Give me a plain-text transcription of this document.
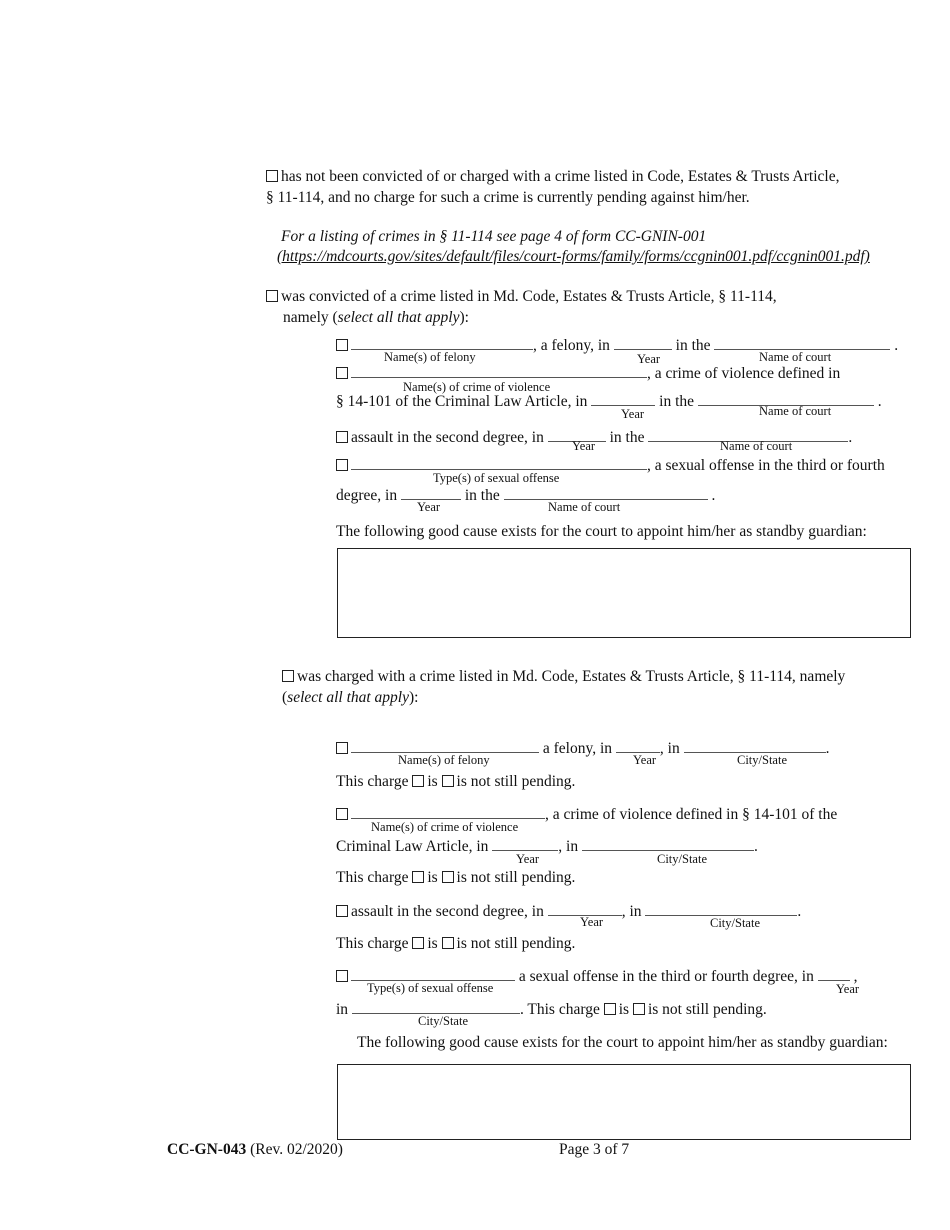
has not been convicted of or charged with a crime listed in Code, Estates & Trusts Article,
§ 11-114, and no charge for such a crime is currently pending against him/her.
For a listing of crimes in § 11-114 see page 4 of form CC-GNIN-001
(https://mdcourts.gov/sites/default/files/court-forms/family/forms/ccgnin001.pdf/ccgnin001.pdf)
was convicted of a crime listed in Md. Code, Estates & Trusts Article, § 11-114,
namely (select all that apply):
, a felony, in	in the	.
Name(s) of felony	Year	Name of court
, a crime of violence defined in
Name(s) of crime of violence
§ 14-101 of the Criminal Law Article, in	in the	.
Year	Name of court
assault in the second degree, in	in the	.
Year	Name of court
, a sexual offense in the third or fourth
Type(s) of sexual offense
degree, in	in the	.
Year	Name of court
The following good cause exists for the court to appoint him/her as standby guardian:
was charged with a crime listed in Md. Code, Estates & Trusts Article, § 11-114, namely
(select all that apply):
a felony, in	, in	.
Name(s) of felony	Year	City/State
This charge is is not still pending.
, a crime of violence defined in § 14-101 of the
Name(s) of crime of violence
Criminal Law Article, in	, in	.
Year	City/State
This charge is is not still pending.
assault in the second degree, in	, in	.
Year	City/State
This charge is is not still pending.
a sexual offense in the third or fourth degree, in	,
Type(s) of sexual offense	Year
in	. This charge is is not still pending.
City/State
The following good cause exists for the court to appoint him/her as standby guardian:
CC-GN-043 (Rev. 02/2020)	Page 3 of 7
